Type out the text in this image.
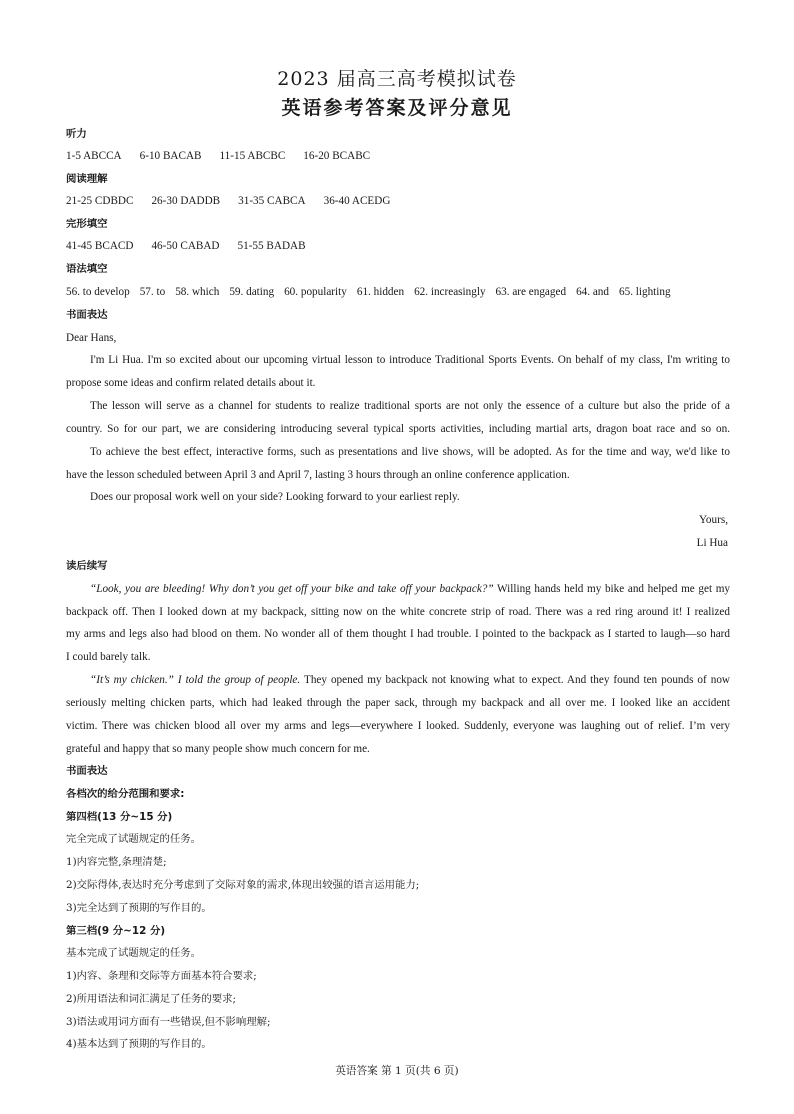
2023 届高三高考模拟试卷
英语参考答案及评分意见
听力
1-5 ABCCA 6-10 BACAB 11-15 ABCBC 16-20 BCABC
阅读理解
21-25 CDBDC 26-30 DADDB 31-35 CABCA 36-40 ACEDG
完形填空
41-45 BCACD 46-50 CABAD 51-55 BADAB
语法填空
56. to develop 57. to 58. which 59. dating 60. popularity 61. hidden 62. increasingly 63. are engaged 64. and 65. lighting
书面表达
Dear Hans,
I'm Li Hua. I'm so excited about our upcoming virtual lesson to introduce Traditional Sports Events. On behalf of my class, I'm writing to
propose some ideas and confirm related details about it.
The lesson will serve as a channel for students to realize traditional sports are not only the essence of a culture but also the pride of a
country. So for our part, we are considering introducing several typical sports activities, including martial arts, dragon boat race and so on.
To achieve the best effect, interactive forms, such as presentations and live shows, will be adopted. As for the time and way, we'd like to
have the lesson scheduled between April 3 and April 7, lasting 3 hours through an online conference application.
Does our proposal work well on your side? Looking forward to your earliest reply.
Yours,
Li Hua
读后续写
“Look, you are bleeding! Why don’t you get off your bike and take off your backpack?” Willing hands held my bike and helped me get my
backpack off. Then I looked down at my backpack, sitting now on the white concrete strip of road. There was a red ring around it! I realized
my arms and legs also had blood on them. No wonder all of them thought I had trouble. I pointed to the backpack as I started to laugh—so hard
I could barely talk.
“It’s my chicken.” I told the group of people. They opened my backpack not knowing what to expect. And they found ten pounds of now
seriously melting chicken parts, which had leaked through the paper sack, through my backpack and all over me. I looked like an accident
victim. There was chicken blood all over my arms and legs—everywhere I looked. Suddenly, everyone was laughing out of relief. I’m very
grateful and happy that so many people show much concern for me.
书面表达
各档次的给分范围和要求:
第四档(13 分~15 分)
完全完成了试题规定的任务。
1)内容完整,条理清楚;
2)交际得体,表达时充分考虑到了交际对象的需求,体现出较强的语言运用能力;
3)完全达到了预期的写作目的。
第三档(9 分~12 分)
基本完成了试题规定的任务。
1)内容、条理和交际等方面基本符合要求;
2)所用语法和词汇满足了任务的要求;
3)语法或用词方面有一些错误,但不影响理解;
4)基本达到了预期的写作目的。
英语答案 第 1 页(共 6 页)
